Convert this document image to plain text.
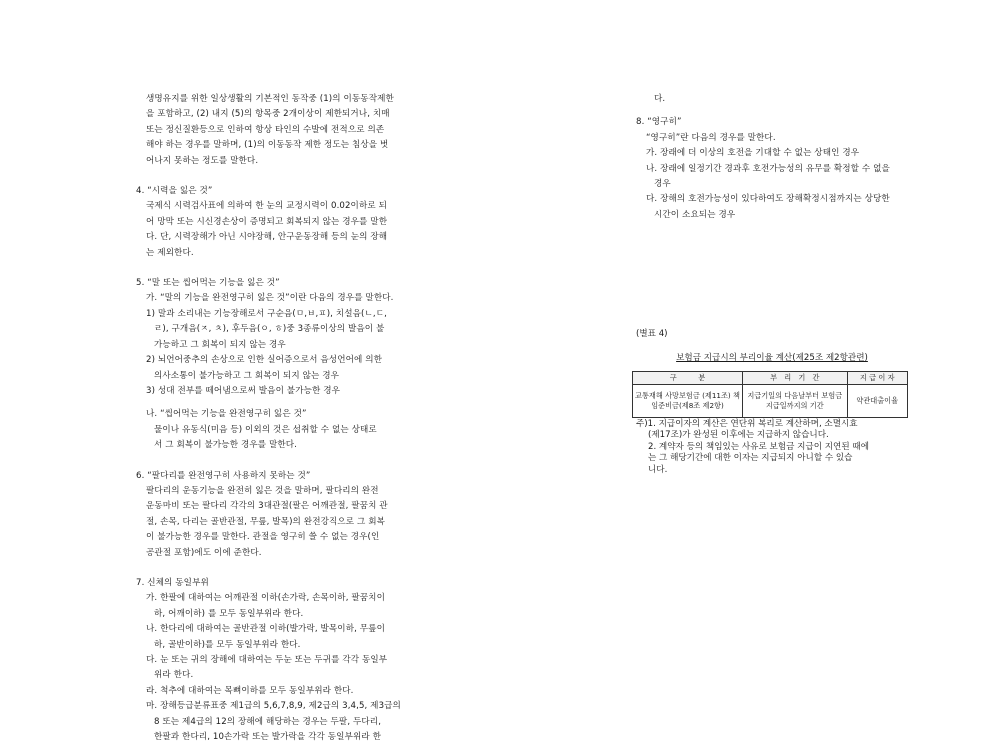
생명유지를 위한 일상생활의 기본적인 동작중 (1)의 이동동작제한
을 포함하고, (2) 내지 (5)의 항목중 2개이상이 제한되거나, 치매
또는 정신질환등으로 인하여 항상 타인의 수발에 전적으로 의존
해야 하는 경우를 말하며, (1)의 이동동작 제한 정도는 침상을 벗
어나지 못하는 정도를 말한다.
4. “시력을 잃은 것”
국제식 시력검사표에 의하여 한 눈의 교정시력이 0.02이하로 되
어 망막 또는 시신경손상이 증명되고 회복되지 않는 경우를 말한
다. 단, 시력장해가 아닌 시야장해, 안구운동장해 등의 눈의 장해
는 제외한다.
5. “말 또는 씹어먹는 기능을 잃은 것”
가. “말의 기능을 완전영구히 잃은 것”이란 다음의 경우를 말한다.
1) 말과 소리내는 기능장해로서 구순음(ㅁ,ㅂ,ㅍ), 치설음(ㄴ,ㄷ,
ㄹ), 구개음(ㅈ, ㅊ), 후두음(ㅇ, ㅎ)중 3종류이상의 발음이 불
가능하고 그 회복이 되지 않는 경우
2) 뇌언어중추의 손상으로 인한 실어증으로서 음성언어에 의한
의사소통이 불가능하고 그 회복이 되지 않는 경우
3) 성대 전부를 떼어냄으로써 발음이 불가능한 경우
나. “씹어먹는 기능을 완전영구히 잃은 것”
물이나 유동식(미음 등) 이외의 것은 섭취할 수 없는 상태로
서 그 회복이 불가능한 경우를 말한다.
6. “팔다리를 완전영구히 사용하지 못하는 것”
팔다리의 운동기능을 완전히 잃은 것을 말하며, 팔다리의 완전
운동마비 또는 팔다리 각각의 3대관절(팔은 어깨관절, 팔꿈치 관
절, 손목, 다리는 골반관절, 무릎, 발목)의 완전강직으로 그 회복
이 불가능한 경우를 말한다. 관절을 영구히 쓸 수 없는 경우(인
공관절 포함)에도 이에 준한다.
7. 신체의 동일부위
가. 한팔에 대하여는 어깨관절 이하(손가락, 손목이하, 팔꿈치이
하, 어깨이하) 를 모두 동일부위라 한다.
나. 한다리에 대하여는 골반관절 이하(발가락, 발목이하, 무릎이
하, 골반이하)를 모두 동일부위라 한다.
다. 눈 또는 귀의 장해에 대하여는 두눈 또는 두귀를 각각 동일부
위라 한다.
라. 척추에 대하여는 목뼈이하를 모두 동일부위라 한다.
마. 장해등급분류표중 제1급의 5,6,7,8,9, 제2급의 3,4,5, 제3급의
8 또는 제4급의 12의 장해에 해당하는 경우는 두팔, 두다리,
한팔과 한다리, 10손가락 또는 발가락을 각각 동일부위라 한
다.
8. “영구히”
“영구히”란 다음의 경우를 말한다.
가. 장래에 더 이상의 호전을 기대할 수 없는 상태인 경우
나. 장래에 일정기간 경과후 호전가능성의 유무를 확정할 수 없을
경우
다. 장해의 호전가능성이 있다하여도 장해확정시점까지는 상당한
시간이 소요되는 경우
(별표 4)
보험금 지급시의 부리이율 계산(제25조 제2항관련)
구　　　분	부　리　기　간	지 급 이 자
교통재해 사망보험금 (제11조) 책임준비금(제8조 제2항)	지급기일의 다음날부터 보험금 지급일까지의 기간	약관대출이율
주)1. 지급이자의 계산은 연단위 복리로 계산하며, 소멸시효
(제17조)가 완성된 이후에는 지급하지 않습니다.
2. 계약자 등의 책임있는 사유로 보험금 지급이 지연된 때에
는 그 해당기간에 대한 이자는 지급되지 아니할 수 있습
니다.
